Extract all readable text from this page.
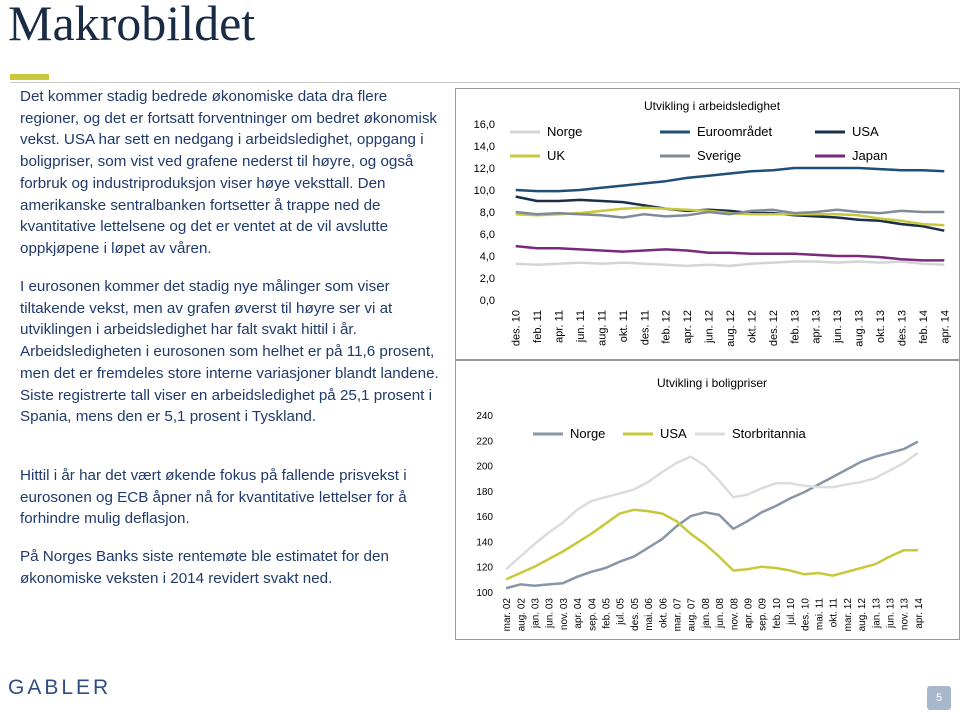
Makrobildet

Det kommer stadig bedrede økonomiske data dra flere regioner, og det er fortsatt forventninger om bedret økonomisk vekst. USA har sett en nedgang i arbeidsledighet, oppgang i boligpriser, som vist ved grafene nederst til høyre, og også forbruk og industriproduksjon viser høye veksttall. Den amerikanske sentralbanken fortsetter å trappe ned de kvantitative lettelsene og det er ventet at de vil avslutte oppkjøpene i løpet av våren.

I eurosonen kommer det stadig nye målinger som viser tiltakende vekst, men av grafen øverst til høyre ser vi at utviklingen i arbeidsledighet har falt svakt hittil i år. Arbeidsledigheten i eurosonen som helhet er på 11,6 prosent, men det er fremdeles store interne variasjoner blandt landene. Siste registrerte tall viser en arbeidsledighet på 25,1 prosent i Spania, mens den er 5,1 prosent i Tyskland.

Hittil i år har det vært økende fokus på fallende prisvekst i eurosonen og ECB åpner nå for kvantitative lettelser for å forhindre mulig deflasjon.

På Norges Banks siste rentemøte ble estimatet for den økonomiske veksten i 2014 revidert svakt ned.

Utvikling i arbeidsledighet
0,0
2,0
4,0
6,0
8,0
10,0
12,0
14,0
16,0
des. 10 feb. 11 apr. 11 jun. 11 aug. 11 okt. 11 des. 11 feb. 12 apr. 12 jun. 12 aug. 12 okt. 12 des. 12 feb. 13 apr. 13 jun. 13 aug. 13 okt. 13 des. 13 feb. 14 apr. 14
Norge	Euroområdet	USA
UK	Sverige	Japan
Utvikling i boligpriser
100
120
140
160
180
200
220
240
mar. 02 aug. 02 jan. 03 jun. 03 nov. 03 apr. 04 sep. 04 feb. 05 jul. 05 des. 05 mai. 06 okt. 06 mar. 07 aug. 07 jan. 08 jun. 08 nov. 08 apr. 09 sep. 09 feb. 10 jul. 10 des. 10 mai. 11 okt. 11 mar. 12 aug. 12 jan. 13 jun. 13 nov. 13 apr. 14
Norge	USA	Storbritannia
GABLER	5
